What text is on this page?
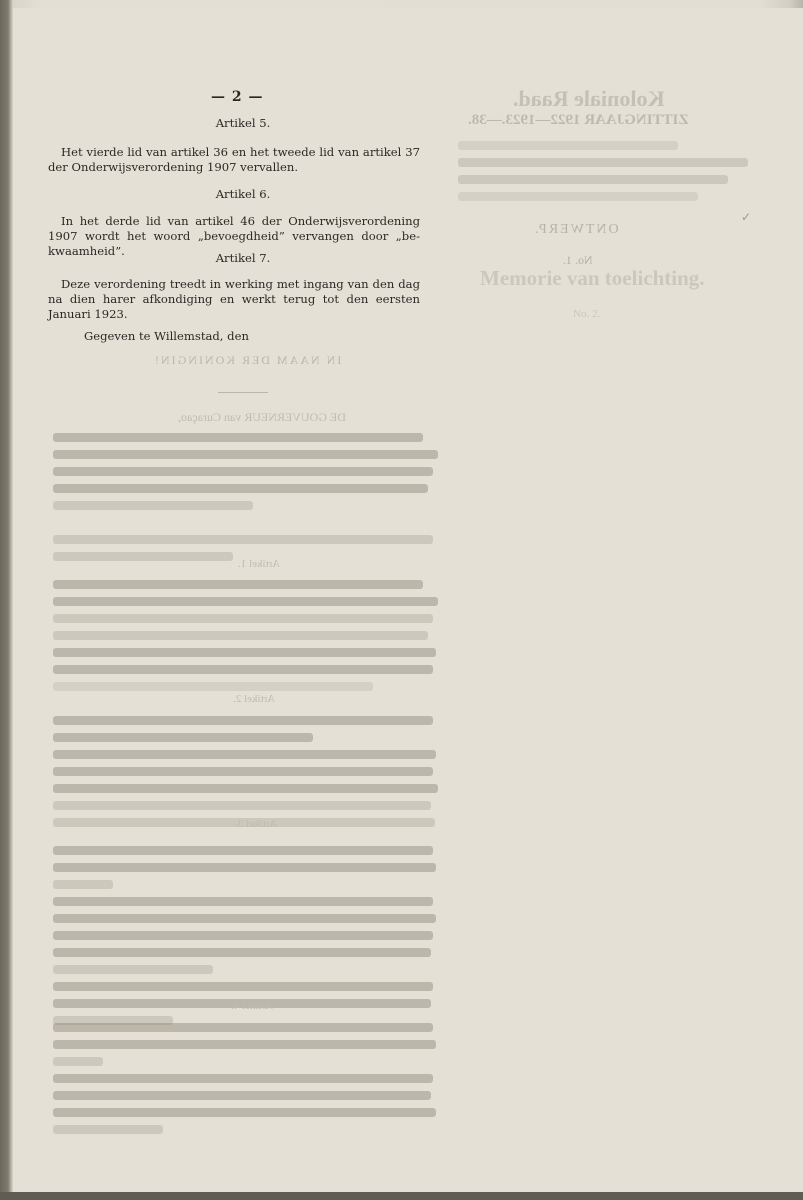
Koloniale Raad.
ZITTINGJAAR 1922—1923.—38.
ONTWERP.
No. 1.
Memorie van toelichting.
No. 2.
✓
IN NAAM DER KONINGIN!
DE GOUVERNEUR van Curaçao,
Artikel 1.
Artikel 2.
Artikel 3.
Artikel 4.
— 2 —
Artikel 5.
Het vierde lid van artikel 36 en het tweede lid van artikel 37 der Onderwijsverordening 1907 vervallen.
Artikel 6.
In het derde lid van artikel 46 der Onderwijsverordening 1907 wordt het woord „bevoegdheid” vervangen door „bekwaamheid”.	Artikel 7.
Deze verordening treedt in werking met ingang van den dag na dien harer afkondiging en werkt terug tot den eersten Januari 1923.
Gegeven te Willemstad, den
